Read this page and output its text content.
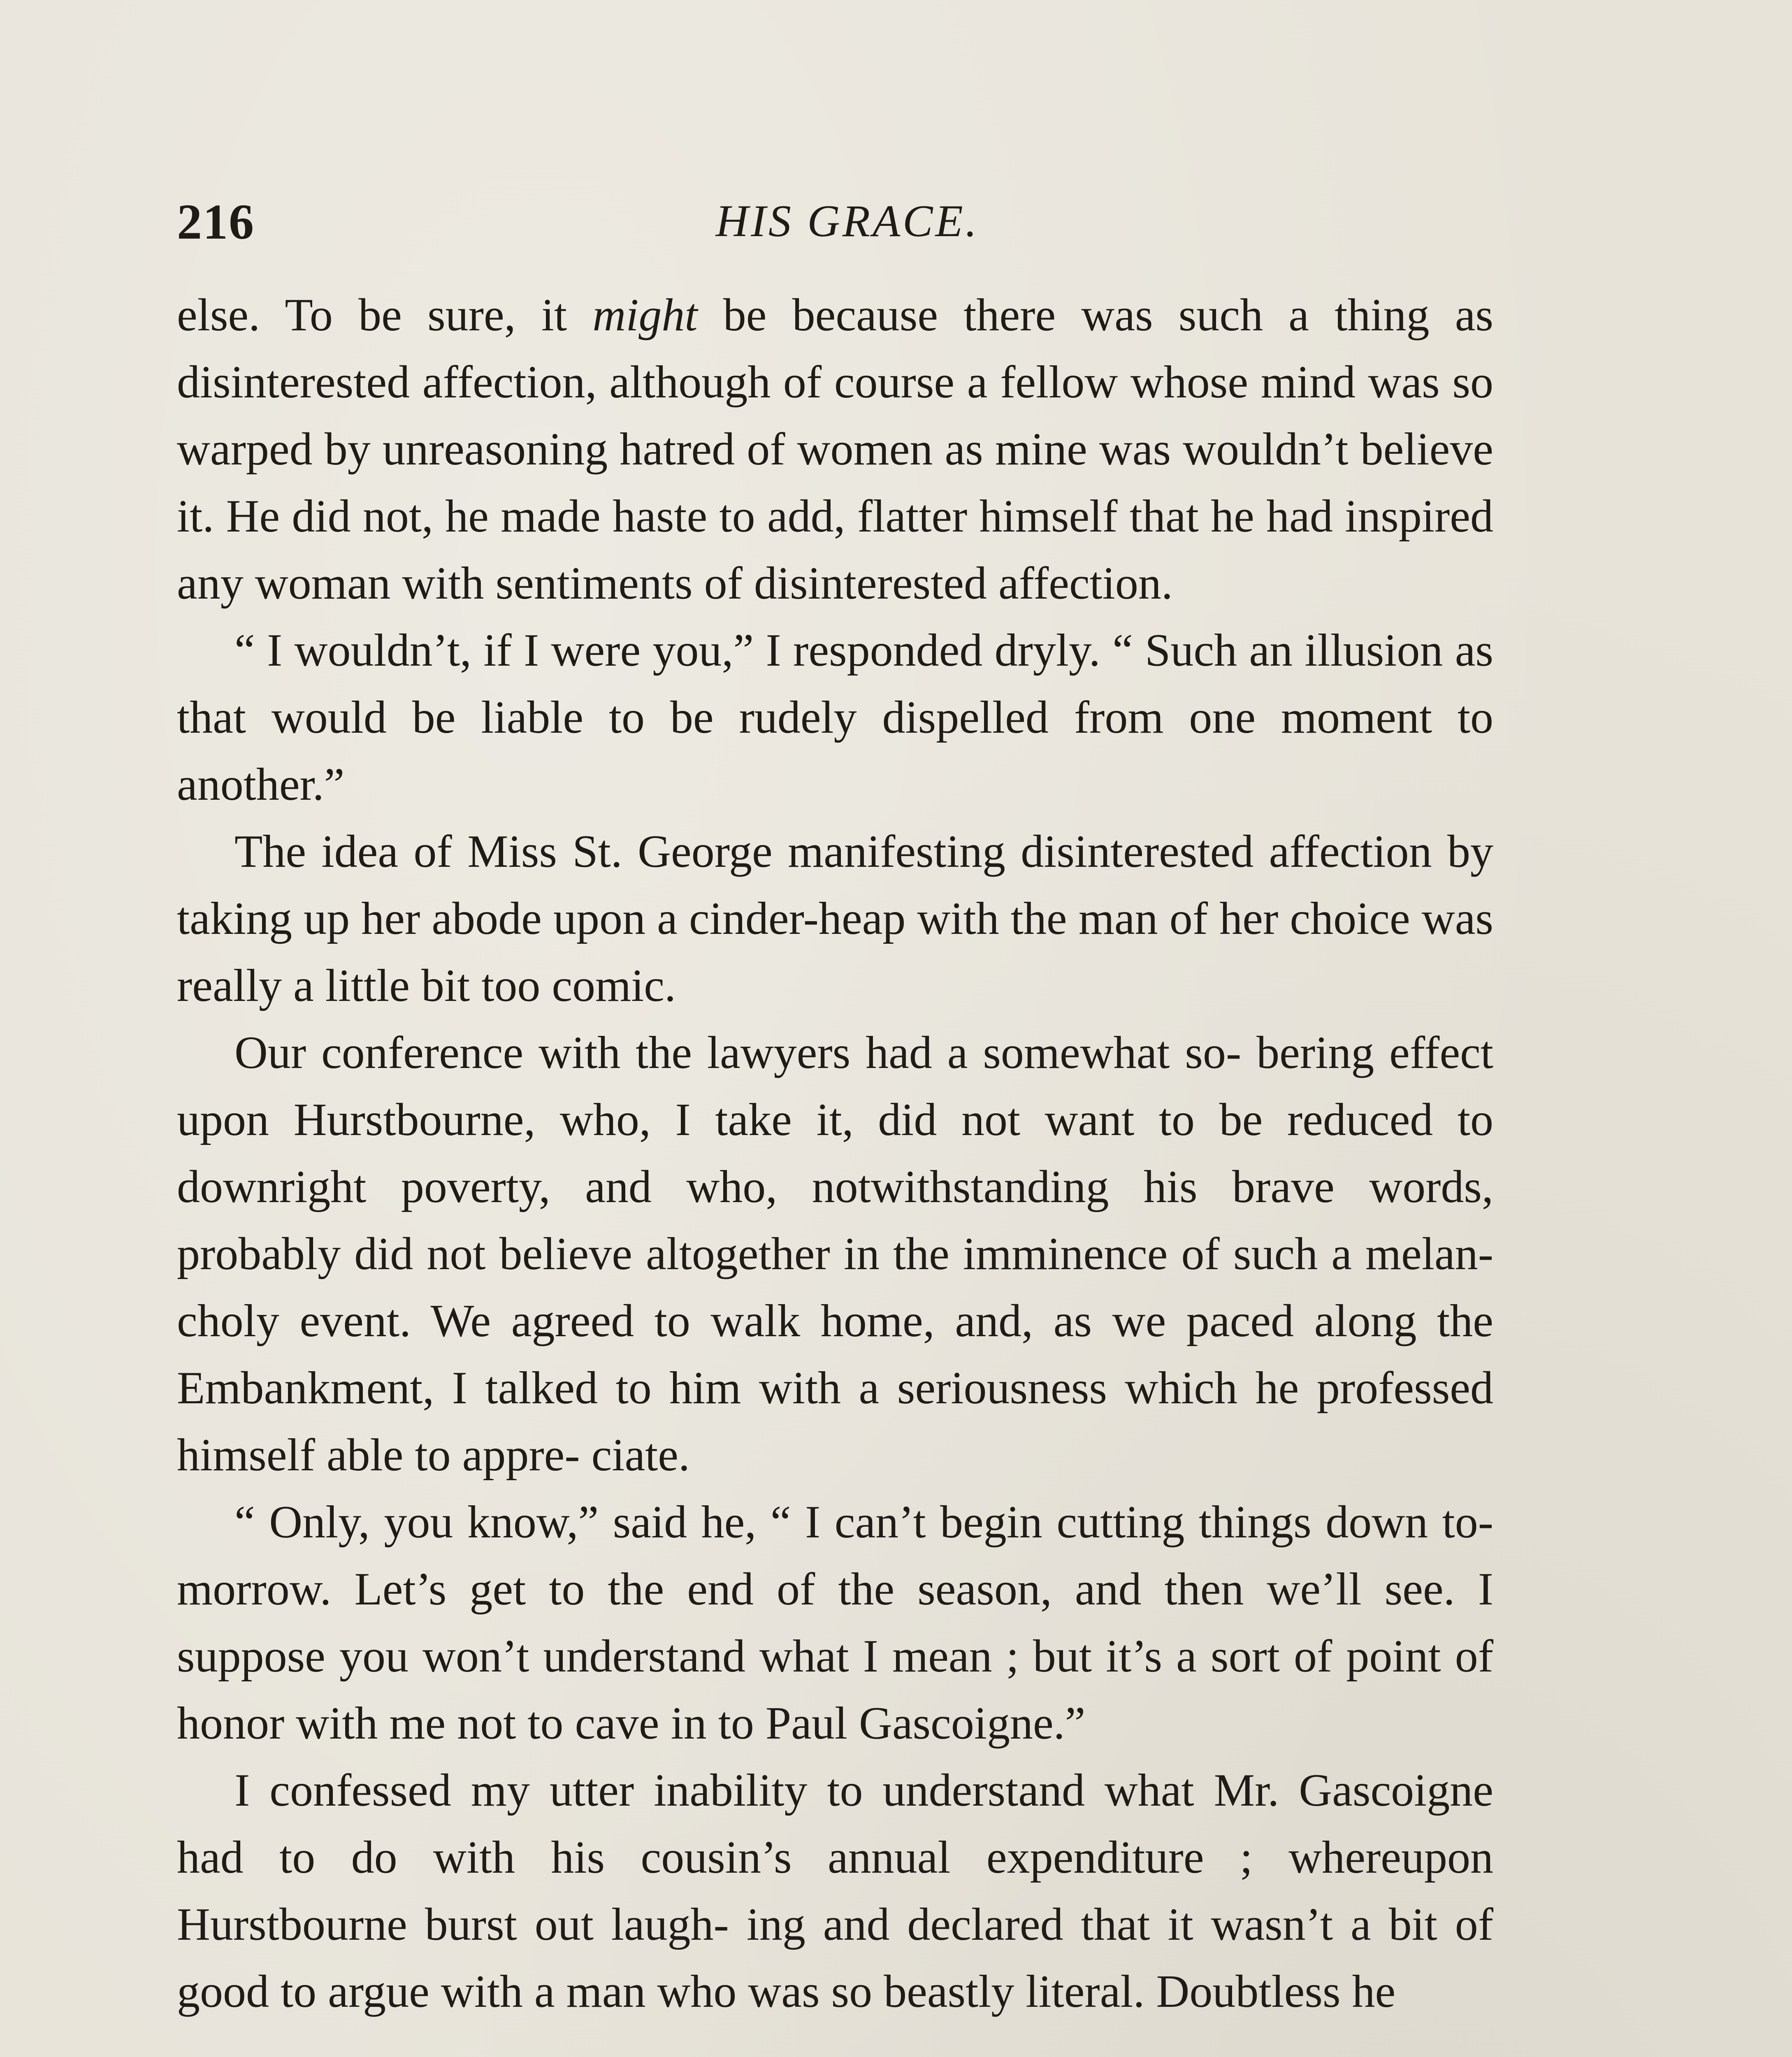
216	HIS GRACE.

else. To be sure, it might be because there was such a thing as disinterested affection, although of course a fellow whose mind was so warped by unreasoning hatred of women as mine was wouldn’t believe it. He did not, he made haste to add, flatter himself that he had inspired any woman with sentiments of disinterested affection.

“ I wouldn’t, if I were you,” I responded dryly. “ Such an illusion as that would be liable to be rudely dispelled from one moment to another.”

The idea of Miss St. George manifesting disinterested affection by taking up her abode upon a cinder-heap with the man of her choice was really a little bit too comic.

Our conference with the lawyers had a somewhat so- bering effect upon Hurstbourne, who, I take it, did not want to be reduced to downright poverty, and who, notwithstanding his brave words, probably did not believe altogether in the imminence of such a melan- choly event. We agreed to walk home, and, as we paced along the Embankment, I talked to him with a seriousness which he professed himself able to appre- ciate.

“ Only, you know,” said he, “ I can’t begin cutting things down to-morrow. Let’s get to the end of the season, and then we’ll see. I suppose you won’t understand what I mean ; but it’s a sort of point of honor with me not to cave in to Paul Gascoigne.”

I confessed my utter inability to understand what Mr. Gascoigne had to do with his cousin’s annual expenditure ; whereupon Hurstbourne burst out laugh- ing and declared that it wasn’t a bit of good to argue with a man who was so beastly literal. Doubtless he
